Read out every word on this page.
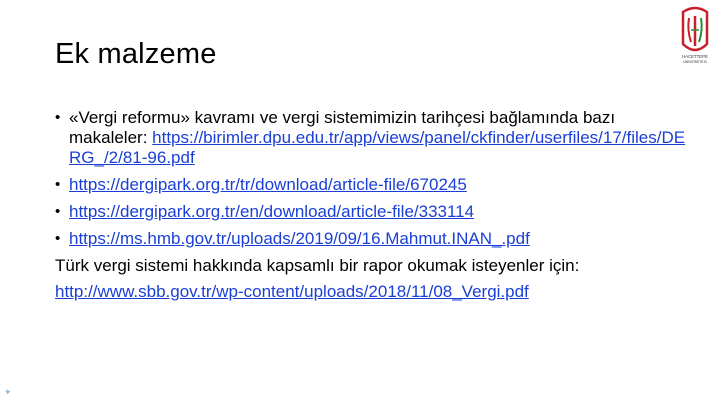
Ek malzeme	HACETTEPE
ÜNİVERSİTESİ
• «Vergi reformu» kavramı ve vergi sistemimizin tarihçesi bağlamında bazı makaleler: https://birimler.dpu.edu.tr/app/views/panel/ckfinder/userfiles/17/files/DERG_/2/81-96.pdf
• https://dergipark.org.tr/tr/download/article-file/670245
• https://dergipark.org.tr/en/download/article-file/333114
• https://ms.hmb.gov.tr/uploads/2019/09/16.Mahmut.INAN_.pdf
Türk vergi sistemi hakkında kapsamlı bir rapor okumak isteyenler için:
http://www.sbb.gov.tr/wp-content/uploads/2018/11/08_Vergi.pdf
✦
